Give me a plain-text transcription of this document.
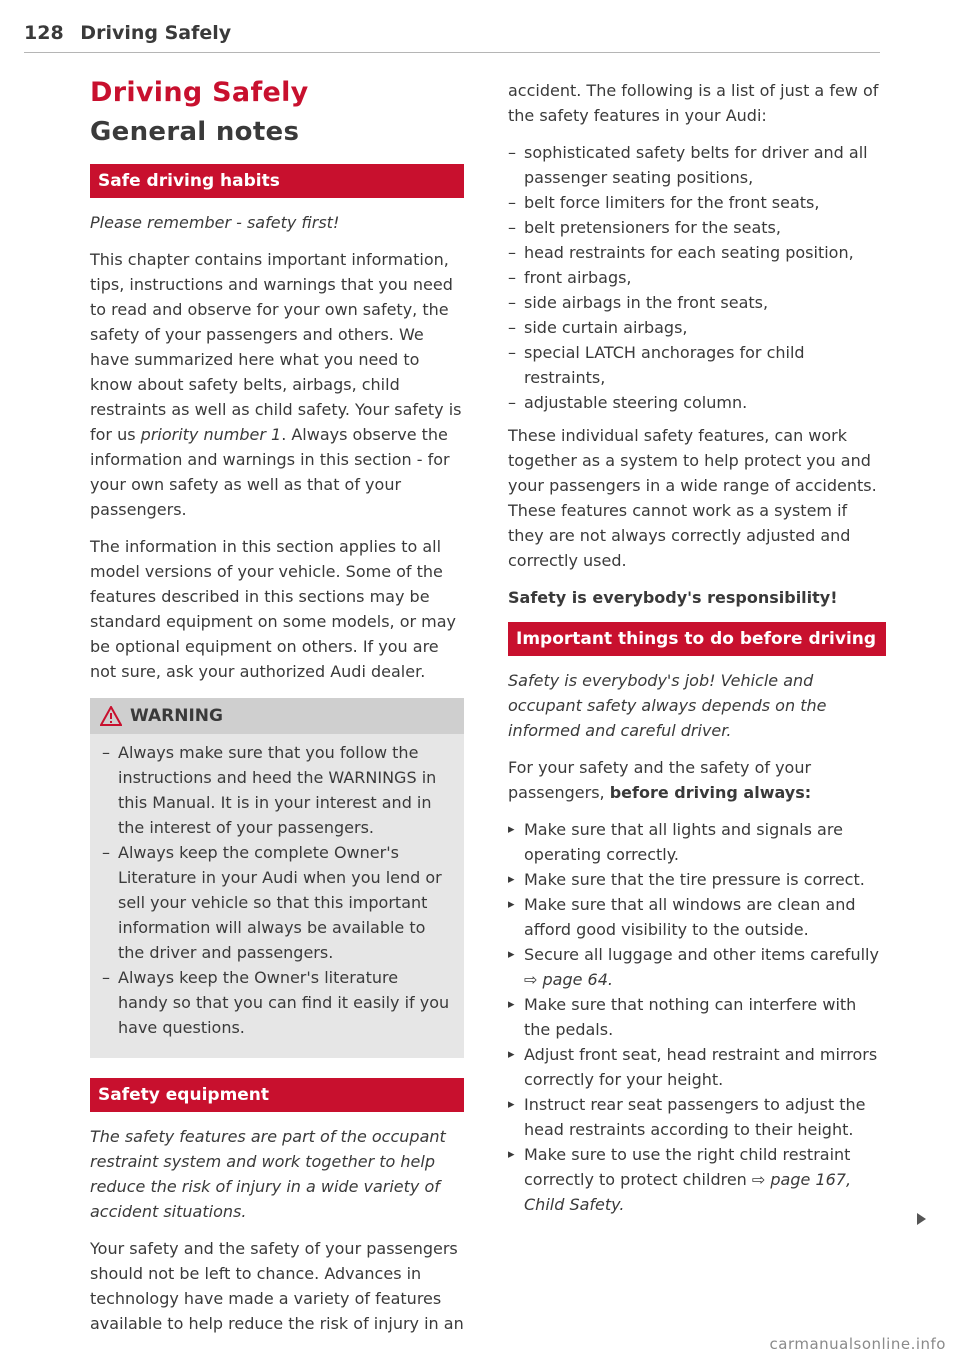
128 Driving Safely
Driving Safely
General notes
Safe driving habits

Please remember - safety first!

This chapter contains important information, tips, instructions and warnings that you need to read and observe for your own safety, the safety of your passengers and others. We have summarized here what you need to know about safety belts, airbags, child restraints as well as child safety. Your safety is for us priority number 1. Always observe the information and warnings in this section - for your own safety as well as that of your passengers.

The information in this section applies to all model versions of your vehicle. Some of the features described in this sections may be standard equipment on some models, or may be optional equipment on others. If you are not sure, ask your authorized Audi dealer.

WARNING
– Always make sure that you follow the instructions and heed the WARNINGS in this Manual. It is in your interest and in the interest of your passengers.
– Always keep the complete Owner's Literature in your Audi when you lend or sell your vehicle so that this important information will always be available to the driver and passengers.
– Always keep the Owner's literature handy so that you can find it easily if you have questions.
Safety equipment

The safety features are part of the occupant restraint system and work together to help reduce the risk of injury in a wide variety of accident situations.

Your safety and the safety of your passengers should not be left to chance. Advances in technology have made a variety of features available to help reduce the risk of injury in an

accident. The following is a list of just a few of the safety features in your Audi:

– sophisticated safety belts for driver and all passenger seating positions,
– belt force limiters for the front seats,
– belt pretensioners for the seats,
– head restraints for each seating position,
– front airbags,
– side airbags in the front seats,
– side curtain airbags,
– special LATCH anchorages for child restraints,
– adjustable steering column.

These individual safety features, can work together as a system to help protect you and your passengers in a wide range of accidents. These features cannot work as a system if they are not always correctly adjusted and correctly used.

Safety is everybody's responsibility!

Important things to do before driving

Safety is everybody's job! Vehicle and occupant safety always depends on the informed and careful driver.

For your safety and the safety of your passengers, before driving always:

▸ Make sure that all lights and signals are operating correctly.
▸ Make sure that the tire pressure is correct.
▸ Make sure that all windows are clean and afford good visibility to the outside.
▸ Secure all luggage and other items carefully
⇨ page 64.
▸ Make sure that nothing can interfere with the pedals.
▸ Adjust front seat, head restraint and mirrors correctly for your height.
▸ Instruct rear seat passengers to adjust the head restraints according to their height.
▸ Make sure to use the right child restraint correctly to protect children ⇨ page 167, Child Safety.
carmanualsonline.info
